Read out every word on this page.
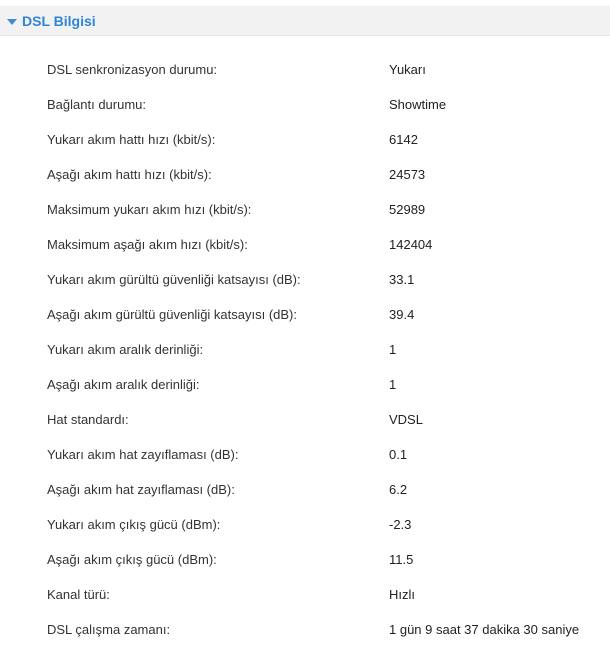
DSL Bilgisi
DSL senkronizasyon durumu:	Yukarı
Bağlantı durumu:	Showtime
Yukarı akım hattı hızı (kbit/s):	6142
Aşağı akım hattı hızı (kbit/s):	24573
Maksimum yukarı akım hızı (kbit/s):	52989
Maksimum aşağı akım hızı (kbit/s):	142404
Yukarı akım gürültü güvenliği katsayısı (dB):	33.1
Aşağı akım gürültü güvenliği katsayısı (dB):	39.4
Yukarı akım aralık derinliği:	1
Aşağı akım aralık derinliği:	1
Hat standardı:	VDSL
Yukarı akım hat zayıflaması (dB):	0.1
Aşağı akım hat zayıflaması (dB):	6.2
Yukarı akım çıkış gücü (dBm):	-2.3
Aşağı akım çıkış gücü (dBm):	11.5
Kanal türü:	Hızlı
DSL çalışma zamanı:	1 gün 9 saat 37 dakika 30 saniye
